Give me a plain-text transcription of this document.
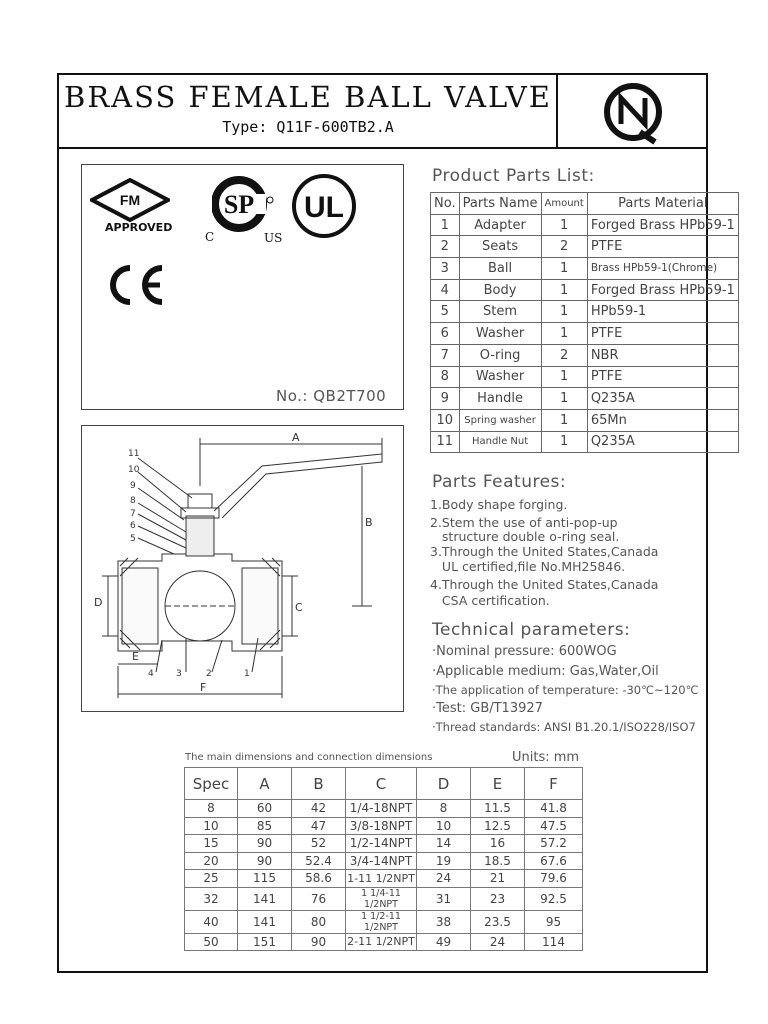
BRASS FEMALE BALL VALVE
Type: Q11F-600TB2.A
FM
APPROVED
SP
C	US
UL
No.: QB2T700
Product Parts List:
No.	Parts Name	Amount	Parts Material
1	Adapter	1	Forged Brass HPb59-1
2	Seats	2	PTFE
3	Ball	1	Brass HPb59-1(Chrome)
4	Body	1	Forged Brass HPb59-1
5	Stem	1	HPb59-1
6	Washer	1	PTFE
7	O-ring	2	NBR
8	Washer	1	PTFE
9	Handle	1	Q235A
10	Spring washer	1	65Mn
11	Handle Nut	1	Q235A
Parts Features:
1.Body shape forging.
2.Stem the use of anti-pop-up
structure double o-ring seal.
3.Through the United States,Canada
UL certified,file No.MH25846.
4.Through the United States,Canada
CSA certification.
Technical parameters:
·Nominal pressure: 600WOG
·Applicable medium: Gas,Water,Oil
·The application of temperature: -30℃~120℃
·Test: GB/T13927
·Thread standards: ANSI B1.20.1/ISO228/ISO7
A
B
C
D
E
F
11
10
9
8
7
6
5
4 3	2	1
The main dimensions and connection dimensions	Units: mm
Spec	A	B	C	D	E	F
8	60	42	1/4-18NPT	8	11.5	41.8
10	85	47	3/8-18NPT	10	12.5	47.5
15	90	52	1/2-14NPT	14	16	57.2
20	90	52.4	3/4-14NPT	19	18.5	67.6
25	115	58.6	1-11 1/2NPT	24	21	79.6
32	141	76	1 1/4-11 1/2NPT	31	23	92.5
40	141	80	1 1/2-11 1/2NPT	38	23.5	95
50	151	90	2-11 1/2NPT	49	24	114
